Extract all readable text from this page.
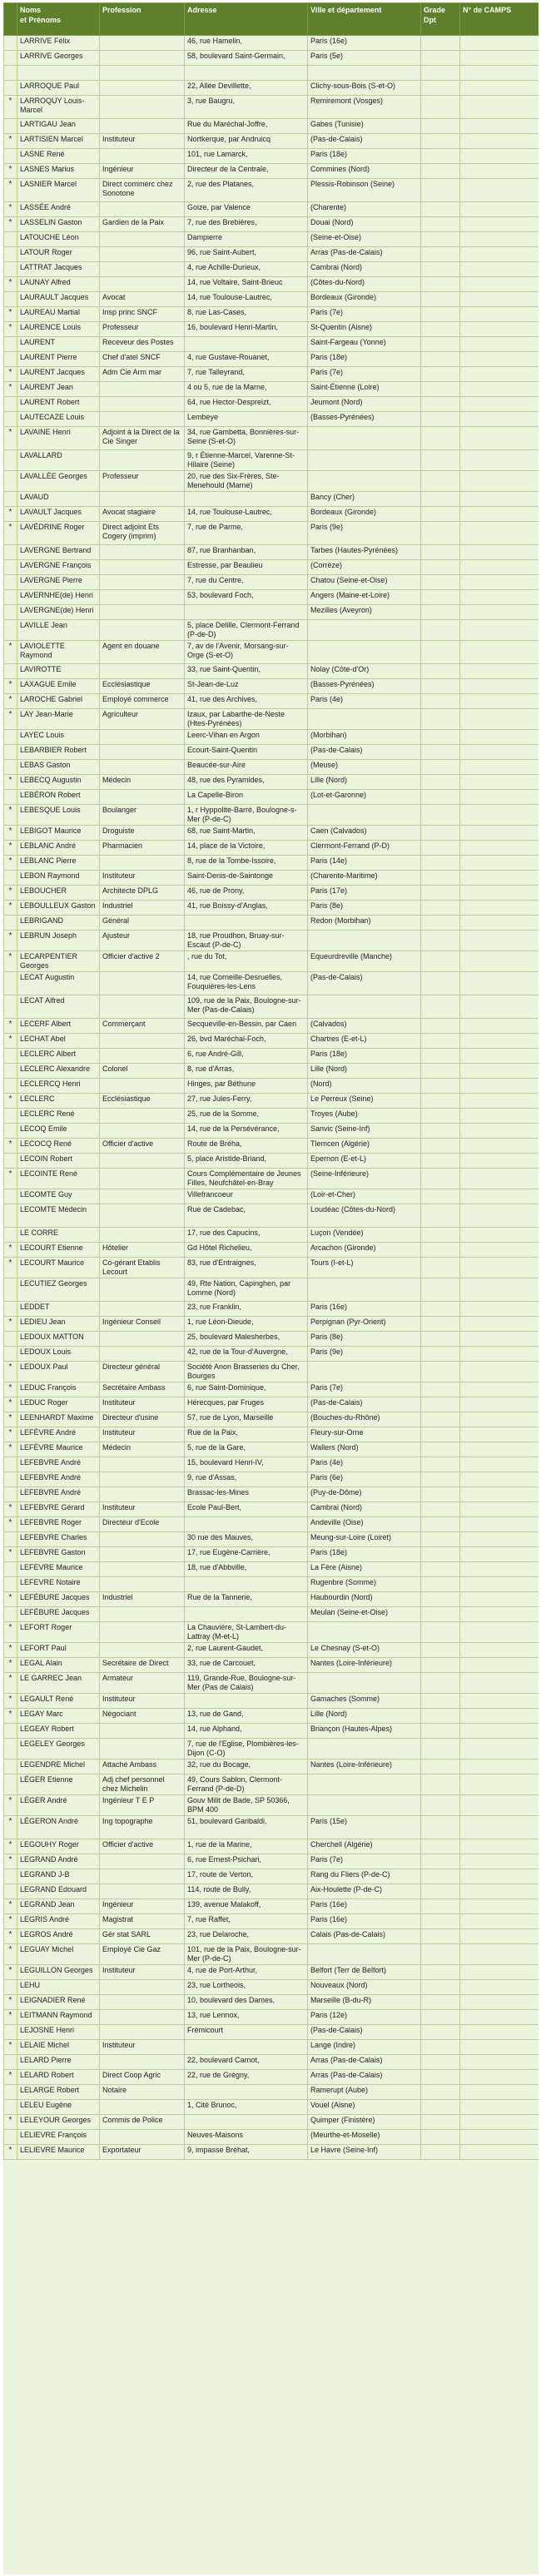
	Noms
et Prénoms	Profession	Adresse	Ville et département	Grade Dpt	N° de CAMPS
	LARRIVE Félix		46, rue Hamelin,	Paris (16e)		
	LARRIVE Georges		58, boulevard Saint-Germain,	Paris (5e)		

	LARROQUE Paul		22, Allée Devillette,	Clichy-sous-Bois (S-et-O)		
*	LARROQUY Louis-Marcel		3, rue Baugru,	Remiremont (Vosges)		
	LARTIGAU Jean		Rue du Maréchal-Joffre,	Gabes (Tunisie)		
*	LARTISIEN Marcel	Instituteur	Nortkerque, par Andruicq	(Pas-de-Calais)		
	LASNE René		101, rue Lamarck,	Paris (18e)		
*	LASNES Marius	Ingénieur	Directeur de la Centrale,	Commines (Nord)		
*	LASNIER Marcel	Direct commerc chez Sonotone	2, rue des Platanes,	Plessis-Robinson (Seine)		
*	LASSÉE André		Goize, par Valence	(Charente)		
*	LASSELIN Gaston	Gardien de la Paix	7, rue des Brebières,	Douai (Nord)		
	LATOUCHE Léon		Dampierre	(Seine-et-Oise)		
	LATOUR Roger		96, rue Saint-Aubert,	Arras (Pas-de-Calais)		
	LATTRAT Jacques		4, rue Achille-Durieux,	Cambrai (Nord)		
*	LAUNAY Alfred		14, rue Voltaire, Saint-Brieuc	(Côtes-du-Nord)		
	LAURAULT Jacques	Avocat	14, rue Toulouse-Lautrec,	Bordeaux (Gironde)		
*	LAUREAU Martial	Insp princ SNCF	8, rue Las-Cases,	Paris (7e)		
*	LAURENCE Louis	Professeur	16, boulevard Henri-Martin,	St-Quentin (Aisne)		
	LAURENT	Receveur des Postes		Saint-Fargeau (Yonne)		
	LAURENT Pierre	Chef d'atel SNCF	4, rue Gustave-Rouanet,	Paris (18e)		
*	LAURENT Jacques	Adm Cie Arm mar	7, rue Talleyrand,	Paris (7e)		
*	LAURENT Jean		4 ou 5, rue de la Marne,	Saint-Étienne (Loire)		
	LAURENT Robert		64, rue Hector-Despreizt,	Jeumont (Nord)		
	LAUTECAZE Louis		Lembeye	(Basses-Pyrénées)		
*	LAVAINE Henri	Adjoint à la Direct de la Cie Singer	34, rue Gambetta, Bonnières-sur-Seine (S-et-O)			
	LAVALLARD		9, r Étienne-Marcel, Varenne-St-Hilaire (Seine)			
	LAVALLÉE Georges	Professeur	20, rue des Six-Frères, Ste-Menehould (Marne)			
	LAVAUD			Bancy (Cher)		
*	LAVAULT Jacques	Avocat stagiaire	14, rue Toulouse-Lautrec,	Bordeaux (Gironde)		
*	LAVÉDRINE Roger	Direct adjoint Ets Cogery (imprim)	7, rue de Parme,	Paris (9e)		
	LAVERGNE Bertrand		87, rue Branhanban,	Tarbes (Hautes-Pyrénées)		
	LAVERGNE François		Estresse, par Beaulieu	(Corrèze)		
	LAVERGNE Pierre		7, rue du Centre,	Chatou (Seine-et-Oise)		
	LAVERNHE(de) Henri		53, boulevard Foch,	Angers (Maine-et-Loire)		
	LAVERGNE(de) Henri			Mezilles (Aveyron)		
	LAVILLE Jean		5, place Delille, Clermont-Ferrand (P-de-D)			
*	LAVIOLETTE Raymond	Agent en douane	7, av de l'Avenir, Morsang-sur-Orge (S-et-O)			
	LAVIROTTE		33, rue Saint-Quentin,	Nolay (Côte-d'Or)		
*	LAXAGUE Emile	Ecclésiastique	St-Jean-de-Luz	(Basses-Pyrénées)		
*	LAROCHE Gabriel	Employé commerce	41, rue des Archives,	Paris (4e)		
*	LAY Jean-Marie	Agriculteur	Izaux, par Labarthe-de-Neste (Htes-Pyrénées)			
	LAYEC Louis		Leerc-Vihan en Argon	(Morbihan)		
	LEBARBIER Robert		Ecourt-Saint-Quentin	(Pas-de-Calais)		
	LEBAS Gaston		Beaucée-sur-Aire	(Meuse)		
*	LEBECQ Augustin	Médecin	48, rue des Pyramides,	Lille (Nord)		
	LEBÉRON Robert		La Capelle-Biron	(Lot-et-Garonne)		
*	LEBESQUE Louis	Boulanger	1, r Hyppolite-Barré, Boulogne-s-Mer (P-de-C)			
*	LEBIGOT Maurice	Droguiste	68, rue Saint-Martin,	Caen (Calvados)		
*	LEBLANC André	Pharmacien	14, place de la Victoire,	Clermont-Ferrand (P-D)		
*	LEBLANC Pierre		8, rue de la Tombe-Issoire,	Paris (14e)		
	LEBON Raymond	Instituteur	Saint-Denis-de-Saintonge	(Charente-Maritime)		
*	LEBOUCHER	Architecte DPLG	46, rue de Prony,	Paris (17e)		
*	LEBOULLEUX Gaston	Industriel	41, rue Boissy-d'Anglas,	Paris (8e)		
	LEBRIGAND	Général		Redon (Morbihan)		
*	LEBRUN Joseph	Ajusteur	18, rue Proudhon, Bruay-sur-Escaut (P-de-C)			
*	LECARPENTIER Georges	Officier d'active 2	, rue du Tot,	Equeurdreville (Manche)		
	LECAT Augustin		14, rue Corneille-Desruelles, Fouquières-les-Lens	(Pas-de-Calais)		
	LECAT Alfred		109, rue de la Paix, Boulogne-sur-Mer (Pas-de-Calais)			
*	LECERF Albert	Commerçant	Secqueville-en-Bessin, par Caen	(Calvados)		
*	LECHAT Abel		26, bvd Maréchal-Foch,	Chartres (E-et-L)		
	LECLERC Albert		6, rue André-Gill,	Paris (18e)		
	LECLERC Alexandre	Colonel	8, rue d'Arras,	Lille (Nord)		
	LECLERCQ Henri		Hinges, par Béthune	(Nord)		
*	LECLERC	Ecclésiastique	27, rue Jules-Ferry,	Le Perreux (Seine)		
	LECLERC René		25, rue de la Somme,	Troyes (Aube)		
	LECOQ Emile		14, rue de la Persévérance,	Sanvic (Seine-Inf)		
*	LECOCQ René	Officier d'active	Route de Bréha,	Tlemcen (Algérie)		
	LECOIN Robert		5, place Aristide-Briand,	Epernon (E-et-L)		
*	LECOINTE René		Cours Complémentaire de Jeunes Filles, Neufchâtel-en-Bray	(Seine-Inférieure)		
	LECOMTE Guy		Villefrancoeur	(Loir-et-Cher)		
	LECOMTE Médecin		Rue de Cadebac,	Loudéac (Côtes-du-Nord)		
	LE CORRE		17, rue des Capucins,	Luçon (Vendée)		
*	LECOURT Etienne	Hôtelier	Gd Hôtel Richelieu,	Arcachon (Gironde)		
*	LECOURT Maurice	Co-gérant Etablis Lecourt	83, rue d'Entraignes,	Tours (I-et-L)		
	LECUTIEZ Georges		49, Rte Nation, Capinghen, par Lomme (Nord)			
	LEDDET		23, rue Franklin,	Paris (16e)		
*	LEDIEU Jean	Ingénieur Conseil	1, rue Léon-Dieude,	Perpignan (Pyr-Orient)		
	LEDOUX MATTON		25, boulevard Malesherbes,	Paris (8e)		
	LEDOUX Louis		42, rue de la Tour-d'Auvergne,	Paris (9e)		
*	LEDOUX Paul	Directeur général	Société Anon Brasseries du Cher, Bourges			
*	LEDUC François	Secrétaire Ambass	6, rue Saint-Dominique,	Paris (7e)		
*	LEDUC Roger	Instituteur	Hérecques, par Fruges	(Pas-de-Calais)		
*	LEENHARDT Maxime	Directeur d'usine	57, rue de Lyon, Marseille	(Bouches-du-Rhône)		
*	LEFÈVRE André	Instituteur	Rue de la Paix,	Fleury-sur-Orne		
*	LEFÈVRE Maurice	Médecin	5, rue de la Gare,	Wallers (Nord)		
	LEFEBVRE André		15, boulevard Henri-IV,	Paris (4e)		
	LEFEBVRE André		9, rue d'Assas,	Paris (6e)		
	LEFEBVRE André		Brassac-les-Mines	(Puy-de-Dôme)		
*	LEFEBVRE Gérard	Instituteur	Ecole Paul-Bert,	Cambrai (Nord)		
*	LEFEBVRE Roger	Directeur d'Ecole		Andeville (Oise)		
	LEFEBVRE Charles		30 rue des Mauves,	Meung-sur-Loire (Loiret)		
*	LEFEBVRE Gaston		17, rue Eugène-Carrière,	Paris (18e)		
	LEFEVRE Maurice		18, rue d'Abbville,	La Fère (Aisne)		
	LEFEVRE Notaire			Rugenbre (Somme)		
*	LEFÉBURE Jacques	Industriel	Rue de la Tannerie,	Haubourdin (Nord)		
	LEFÉBURE Jacques			Meulan (Seine-et-Oise)		
*	LEFORT Roger		La Chauvière, St-Lambert-du-Lattray (M-et-L)			
*	LEFORT Paul		2, rue Laurent-Gaudet,	Le Chesnay (S-et-O)		
*	LEGAL Alain	Secrétaire de Direct	33, rue de Carcouet,	Nantes (Loire-Inférieure)		
*	LE GARREC Jean	Armateur	119, Grande-Rue, Boulogne-sur-Mer (Pas de Calais)			
*	LEGAULT René	Instituteur		Gamaches (Somme)		
*	LEGAY Marc	Négociant	13, rue de Gand,	Lille (Nord)		
	LEGEAY Robert		14, rue Alphand,	Briançon (Hautes-Alpes)		
	LEGELEY Georges		7, rue de l'Eglise, Plombières-les-Dijon (C-O)			
	LEGENDRE Michel	Attaché Ambass	32, rue du Bocage,	Nantes (Loire-Inférieure)		
	LÉGER Etienne	Adj chef personnel chez Michelin	49, Cours Sablon, Clermont-Ferrand (P-de-D)			
*	LÉGER André	Ingénieur T E P	Gouv Milit de Bade, SP 50366, BPM 400			
*	LÉGERON André	Ing topographe	51, boulevard Garibaldi,	Paris (15e)		
*	LEGOUHY Roger	Officier d'active	1, rue de la Marine,	Cherchell (Algérie)		
*	LEGRAND André		6, rue Ernest-Psichari,	Paris (7e)		
	LEGRAND J-B		17, route de Verton,	Rang du Fliers (P-de-C)		
	LEGRAND Edouard		114, route de Bully,	Aix-Houlette (P-de-C)		
*	LEGRAND Jean	Ingénieur	139, avenue Malakoff,	Paris (16e)		
*	LEGRIS André	Magistrat	7, rue Raffet,	Paris (16e)		
*	LEGROS André	Gér stat SARL	23, rue Delaroche,	Calais (Pas-de-Calais)		
*	LEGUAY Michel	Employé Cie Gaz	101, rue de la Paix, Boulogne-sur-Mer (P-de-C)			
*	LEGUILLON Georges	Instituteur	4, rue de Port-Arthur,	Belfort (Terr de Belfort)		
	LEHU		23, rue Lortheois,	Nouveaux (Nord)		
*	LEIGNADIER René		10, boulevard des Dames,	Marseille (B-du-R)		
*	LEITMANN Raymond		13, rue Lennox,	Paris (12e)		
	LEJOSNE Henri		Frémicourt	(Pas-de-Calais)		
*	LELAIE Michel	Instituteur		Lange (Indre)		
	LELARD Pierre		22, boulevard Carnot,	Arras (Pas-de-Calais)		
*	LELARD Robert	Direct Coop Agric	22, rue de Grégny,	Arras (Pas-de-Calais)		
	LELARGE Robert	Notaire		Ramerupt (Aube)		
	LELEU Eugène		1, Cité Brunoc,	Vouel (Aisne)		
*	LELEYOUR Georges	Commis de Police		Quimper (Finistère)		
	LELIEVRE François		Neuves-Maisons	(Meurthe-et-Moselle)		
*	LELIEVRE Maurice	Exportateur	9, impasse Bréhat,	Le Havre (Seine-Inf)		
